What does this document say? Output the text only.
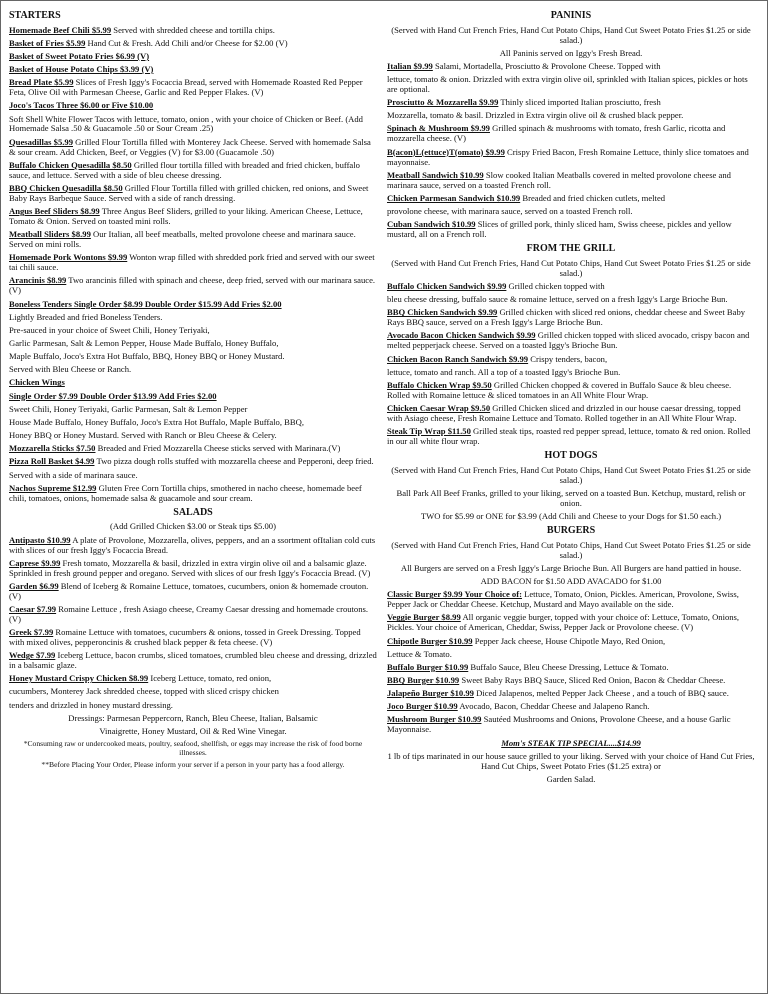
STARTERS

Homemade Beef Chili $5.99 Served with shredded cheese and tortilla chips.

Basket of Fries $5.99 Hand Cut & Fresh. Add Chili and/or Cheese for $2.00 (V)

Basket of Sweet Potato Fries $6.99 (V)

Basket of House Potato Chips $3.99 (V)

Bread Plate $5.99 Slices of Fresh Iggy's Focaccia Bread, served with Homemade Roasted Red Pepper Feta, Olive Oil with Parmesan Cheese, Garlic and Red Pepper Flakes. (V)

Joco's Tacos Three $6.00 or Five $10.00

Soft Shell White Flower Tacos with lettuce, tomato, onion , with your choice of Chicken or Beef. (Add Homemade Salsa .50 & Guacamole .50 or Sour Cream .25)

Quesadillas $5.99 Grilled Flour Tortilla filled with Monterey Jack Cheese. Served with homemade Salsa & sour cream. Add Chicken, Beef, or Veggies (V) for $3.00 (Guacamole .50)

Buffalo Chicken Quesadilla $8.50 Grilled flour tortilla filled with breaded and fried chicken, buffalo sauce, and lettuce. Served with a side of bleu cheese dressing.

BBQ Chicken Quesadilla $8.50 Grilled Flour Tortilla filled with grilled chicken, red onions, and Sweet Baby Rays Barbeque Sauce. Served with a side of ranch dressing.

Angus Beef Sliders $8.99 Three Angus Beef Sliders, grilled to your liking. American Cheese, Lettuce, Tomato & Onion. Served on toasted mini rolls.

Meatball Sliders $8.99 Our Italian, all beef meatballs, melted provolone cheese and marinara sauce. Served on mini rolls.

Homemade Pork Wontons $9.99 Wonton wrap filled with shredded pork fried and served with our sweet tai chili sauce.

Arancinis $8.99 Two arancinis filled with spinach and cheese, deep fried, served with our marinara sauce. (V)

Boneless Tenders Single Order $8.99 Double Order $15.99 Add Fries $2.00

Lightly Breaded and fried Boneless Tenders.

Pre-sauced in your choice of Sweet Chili, Honey Teriyaki,

Garlic Parmesan, Salt & Lemon Pepper, House Made Buffalo, Honey Buffalo,

Maple Buffalo, Joco's Extra Hot Buffalo, BBQ, Honey BBQ or Honey Mustard.

Served with Bleu Cheese or Ranch.

Chicken Wings

Single Order $7.99 Double Order $13.99 Add Fries $2.00

Sweet Chili, Honey Teriyaki, Garlic Parmesan, Salt & Lemon Pepper

House Made Buffalo, Honey Buffalo, Joco's Extra Hot Buffalo, Maple Buffalo, BBQ,

Honey BBQ or Honey Mustard. Served with Ranch or Bleu Cheese & Celery.

Mozzarella Sticks $7.50 Breaded and Fried Mozzarella Cheese sticks served with Marinara.(V)

Pizza Roll Basket $4.99 Two pizza dough rolls stuffed with mozzarella cheese and Pepperoni, deep fried.

Served with a side of marinara sauce.

Nachos Supreme $12.99 Gluten Free Corn Tortilla chips, smothered in nacho cheese, homemade beef chili, tomatoes, onions, homemade salsa & guacamole and sour cream.

SALADS

(Add Grilled Chicken $3.00 or Steak tips $5.00)

Antipasto $10.99 A plate of Provolone, Mozzarella, olives, peppers, and an a ssortment ofItalian cold cuts with slices of our fresh Iggy's Focaccia Bread.

Caprese $9.99 Fresh tomato, Mozzarella & basil, drizzled in extra virgin olive oil and a balsamic glaze. Sprinkled in fresh ground pepper and oregano. Served with slices of our fresh Iggy's Focaccia Bread. (V)

Garden $6.99 Blend of Iceberg & Romaine Lettuce, tomatoes, cucumbers, onion & homemade crouton. (V)

Caesar $7.99 Romaine Lettuce , fresh Asiago cheese, Creamy Caesar dressing and homemade croutons. (V)

Greek $7.99 Romaine Lettuce with tomatoes, cucumbers & onions, tossed in Greek Dressing. Topped with mixed olives, pepperoncinis & crushed black pepper & feta cheese. (V)

Wedge $7.99 Iceberg Lettuce, bacon crumbs, sliced tomatoes, crumbled bleu cheese and dressing, drizzled in a balsamic glaze.

Honey Mustard Crispy Chicken $8.99 Iceberg Lettuce, tomato, red onion,

cucumbers, Monterey Jack shredded cheese, topped with sliced crispy chicken

tenders and drizzled in honey mustard dressing.

Dressings: Parmesan Peppercorn, Ranch, Bleu Cheese, Italian, Balsamic

Vinaigrette, Honey Mustard, Oil & Red Wine Vinegar.

*Consuming raw or undercooked meats, poultry, seafood, shellfish, or eggs may increase the risk of food borne illnesses.

**Before Placing Your Order, Please inform your server if a person in your party has a food allergy.

PANINIS

(Served with Hand Cut French Fries, Hand Cut Potato Chips, Hand Cut Sweet Potato Fries $1.25 or side salad.)

All Paninis served on Iggy's Fresh Bread.

Italian $9.99 Salami, Mortadella, Prosciutto & Provolone Cheese. Topped with

lettuce, tomato & onion. Drizzled with extra virgin olive oil, sprinkled with Italian spices, pickles or hots are optional.

Prosciutto & Mozzarella $9.99 Thinly sliced imported Italian prosciutto, fresh

Mozzarella, tomato & basil. Drizzled in Extra virgin olive oil & crushed black pepper.

Spinach & Mushroom $9.99 Grilled spinach & mushrooms with tomato, fresh Garlic, ricotta and mozzarella cheese. (V)

B(acon)L(ettuce)T(omato) $9.99 Crispy Fried Bacon, Fresh Romaine Lettuce, thinly slice tomatoes and mayonnaise.

Meatball Sandwich $10.99 Slow cooked Italian Meatballs covered in melted provolone cheese and marinara sauce, served on a toasted French roll.

Chicken Parmesan Sandwich $10.99 Breaded and fried chicken cutlets, melted

provolone cheese, with marinara sauce, served on a toasted French roll.

Cuban Sandwich $10.99 Slices of grilled pork, thinly sliced ham, Swiss cheese, pickles and yellow mustard, all on a French roll.

FROM THE GRILL

(Served with Hand Cut French Fries, Hand Cut Potato Chips, Hand Cut Sweet Potato Fries $1.25 or side salad.)

Buffalo Chicken Sandwich $9.99 Grilled chicken topped with

bleu cheese dressing, buffalo sauce & romaine lettuce, served on a fresh Iggy's Large Brioche Bun.

BBQ Chicken Sandwich $9.99 Grilled chicken with sliced red onions, cheddar cheese and Sweet Baby Rays BBQ sauce, served on a Fresh Iggy's Large Brioche Bun.

Avocado Bacon Chicken Sandwich $9.99 Grilled chicken topped with sliced avocado, crispy bacon and melted pepperjack cheese. Served on a toasted Iggy's Brioche Bun.

Chicken Bacon Ranch Sandwich $9.99 Crispy tenders, bacon,

lettuce, tomato and ranch. All a top of a toasted Iggy's Brioche Bun.

Buffalo Chicken Wrap $9.50 Grilled Chicken chopped & covered in Buffalo Sauce & bleu cheese. Rolled with Romaine lettuce & sliced tomatoes in an All White Flour Wrap.

Chicken Caesar Wrap $9.50 Grilled Chicken sliced and drizzled in our house caesar dressing, topped with Asiago cheese, Fresh Romaine Lettuce and Tomato. Rolled together in an All White Flour Wrap.

Steak Tip Wrap $11.50 Grilled steak tips, roasted red pepper spread, lettuce, tomato & red onion. Rolled in our all white flour wrap.

HOT DOGS

(Served with Hand Cut French Fries, Hand Cut Potato Chips, Hand Cut Sweet Potato Fries $1.25 or side salad.)

Ball Park All Beef Franks, grilled to your liking, served on a toasted Bun. Ketchup, mustard, relish or onion.

TWO for $5.99 or ONE for $3.99 (Add Chili and Cheese to your Dogs for $1.50 each.)

BURGERS

(Served with Hand Cut French Fries, Hand Cut Potato Chips, Hand Cut Sweet Potato Fries $1.25 or side salad.)

All Burgers are served on a Fresh Iggy's Large Brioche Bun. All Burgers are hand pattied in house.

ADD BACON for $1.50 ADD AVACADO for $1.00

Classic Burger $9.99 Your Choice of: Lettuce, Tomato, Onion, Pickles. American, Provolone, Swiss, Pepper Jack or Cheddar Cheese. Ketchup, Mustard and Mayo available on the side.

Veggie Burger $8.99 All organic veggie burger, topped with your choice of: Lettuce, Tomato, Onions, Pickles. Your choice of American, Cheddar, Swiss, Pepper Jack or Provolone cheese. (V)

Chipotle Burger $10.99 Pepper Jack cheese, House Chipotle Mayo, Red Onion,

Lettuce & Tomato.

Buffalo Burger $10.99 Buffalo Sauce, Bleu Cheese Dressing, Lettuce & Tomato.

BBQ Burger $10.99 Sweet Baby Rays BBQ Sauce, Sliced Red Onion, Bacon & Cheddar Cheese.

Jalapeño Burger $10.99 Diced Jalapenos, melted Pepper Jack Cheese , and a touch of BBQ sauce.

Joco Burger $10.99 Avocado, Bacon, Cheddar Cheese and Jalapeno Ranch.

Mushroom Burger $10.99 Sautéed Mushrooms and Onions, Provolone Cheese, and a house Garlic Mayonnaise.

Mom's STEAK TIP SPECIAL....$14.99

1 lb of tips marinated in our house sauce grilled to your liking. Served with your choice of Hand Cut Fries, Hand Cut Chips, Sweet Potato Fries ($1.25 extra) or

Garden Salad.
